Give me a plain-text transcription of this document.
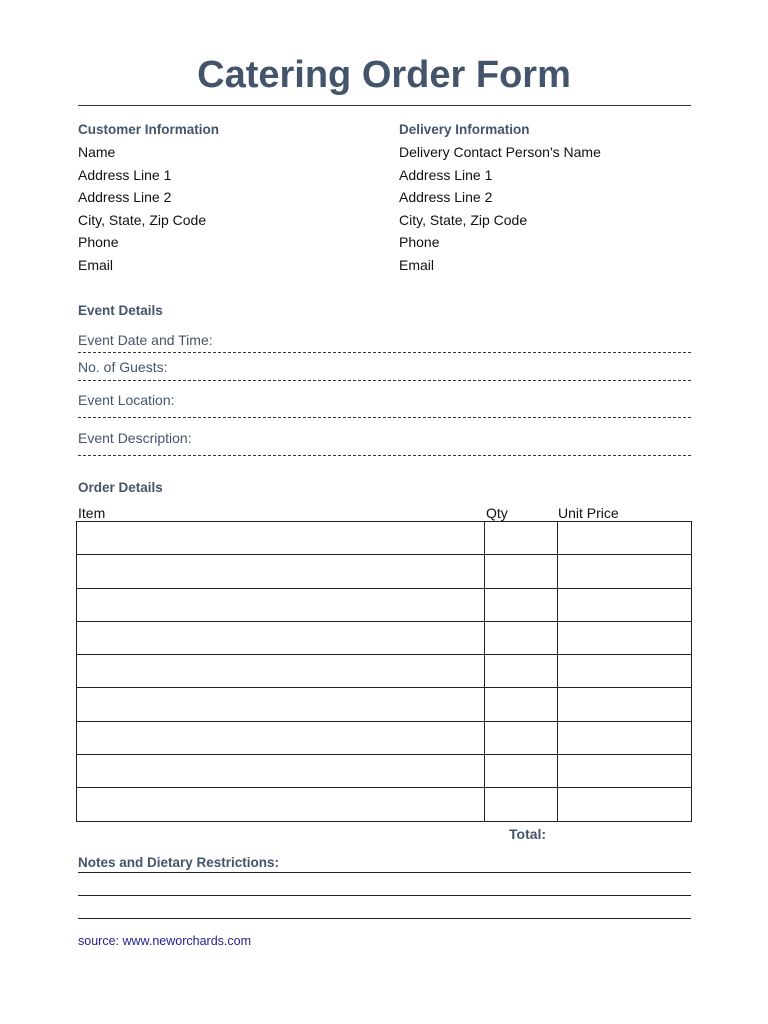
Catering Order Form
Customer Information
Name
Address Line 1
Address Line 2
City, State, Zip Code
Phone
Email
Delivery Information
Delivery Contact Person's Name
Address Line 1
Address Line 2
City, State, Zip Code
Phone
Email
Event Details
Event Date and Time:
No. of Guests:
Event Location:
Event Description:
Order Details
Item	Qty	Unit Price

Total:
Notes and Dietary Restrictions:
source: www.neworchards.com
